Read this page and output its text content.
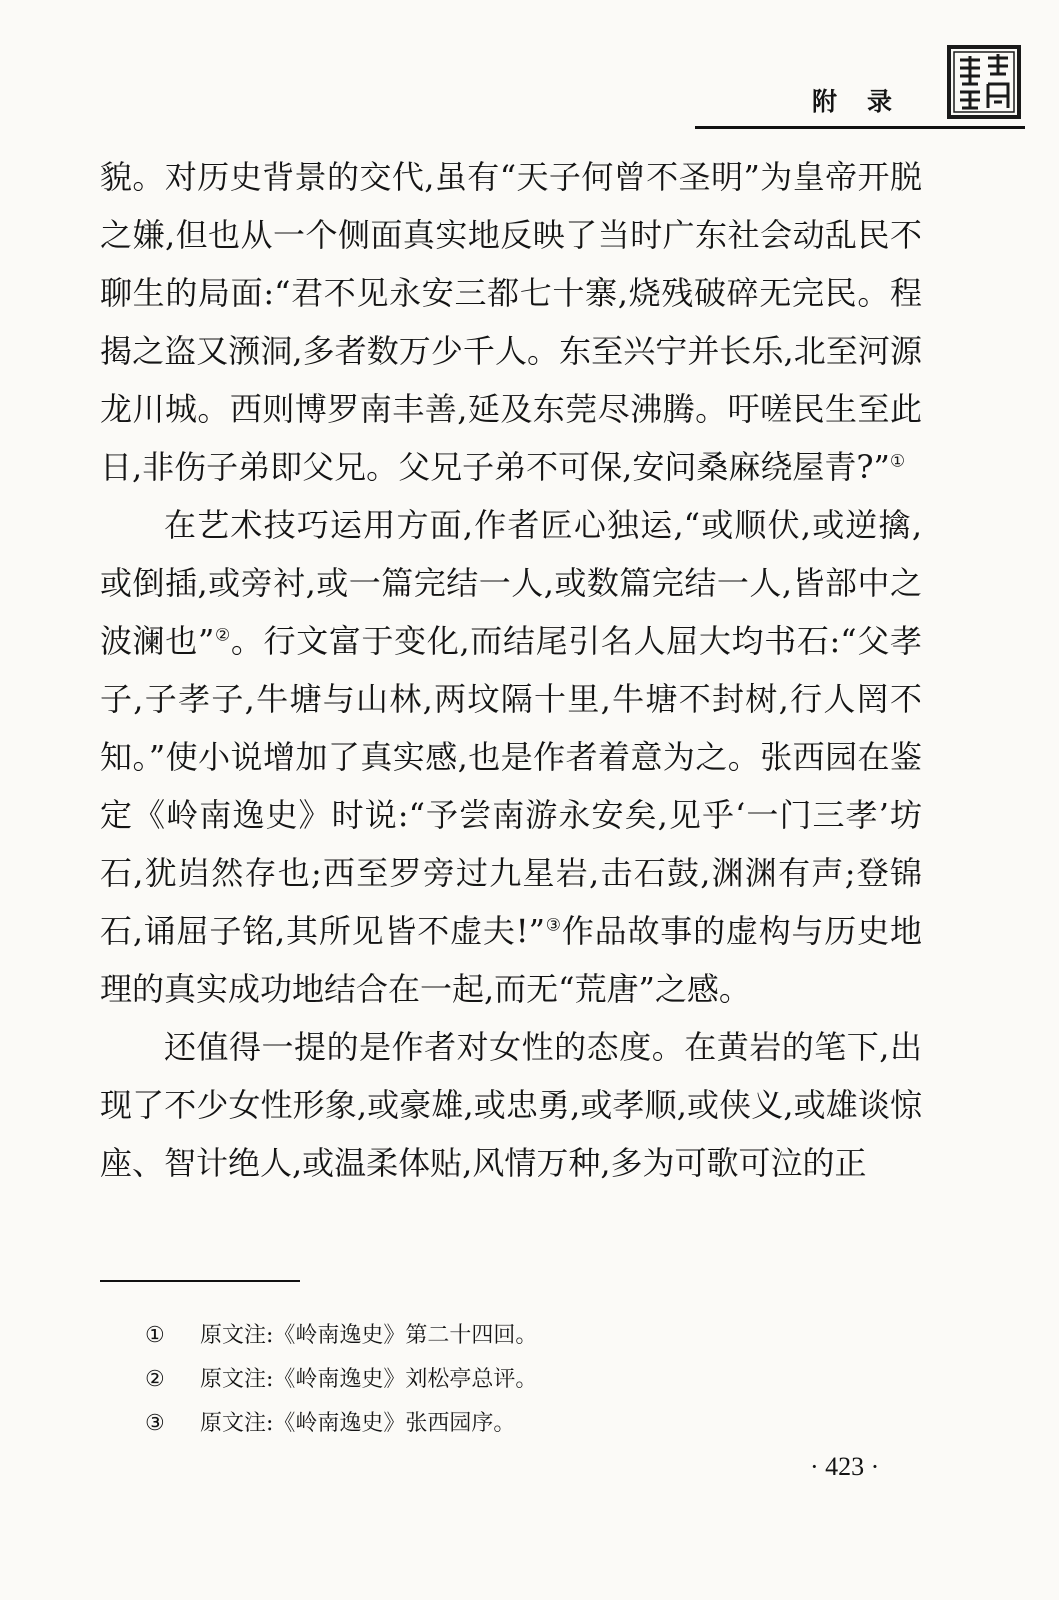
附录

貌。对历史背景的交代,虽有“天子何曾不圣明”为皇帝开脱之嫌,但也从一个侧面真实地反映了当时广东社会动乱民不聊生的局面:“君不见永安三都七十寨,烧残破碎无完民。程揭之盗又滪洞,多者数万少千人。东至兴宁并长乐,北至河源龙川城。西则博罗南丰善,延及东莞尽沸腾。吁嗟民生至此日,非伤子弟即父兄。父兄子弟不可保,安问桑麻绕屋青?”①

在艺术技巧运用方面,作者匠心独运,“或顺伏,或逆擒,或倒插,或旁衬,或一篇完结一人,或数篇完结一人,皆部中之波澜也”②。行文富于变化,而结尾引名人屈大均书石:“父孝子,子孝子,牛塘与山林,两坟隔十里,牛塘不封树,行人罔不知。”使小说增加了真实感,也是作者着意为之。张西园在鉴定《岭南逸史》时说:“予尝南游永安矣,见乎‘一门三孝’坊石,犹岿然存也;西至罗旁过九星岩,击石鼓,渊渊有声;登锦石,诵屈子铭,其所见皆不虚夫!”③作品故事的虚构与历史地理的真实成功地结合在一起,而无“荒唐”之感。

还值得一提的是作者对女性的态度。在黄岩的笔下,出现了不少女性形象,或豪雄,或忠勇,或孝顺,或侠义,或雄谈惊座、智计绝人,或温柔体贴,风情万种,多为可歌可泣的正

①	原文注:《岭南逸史》第二十四回。
②	原文注:《岭南逸史》刘松亭总评。
③	原文注:《岭南逸史》张西园序。
· 423 ·
